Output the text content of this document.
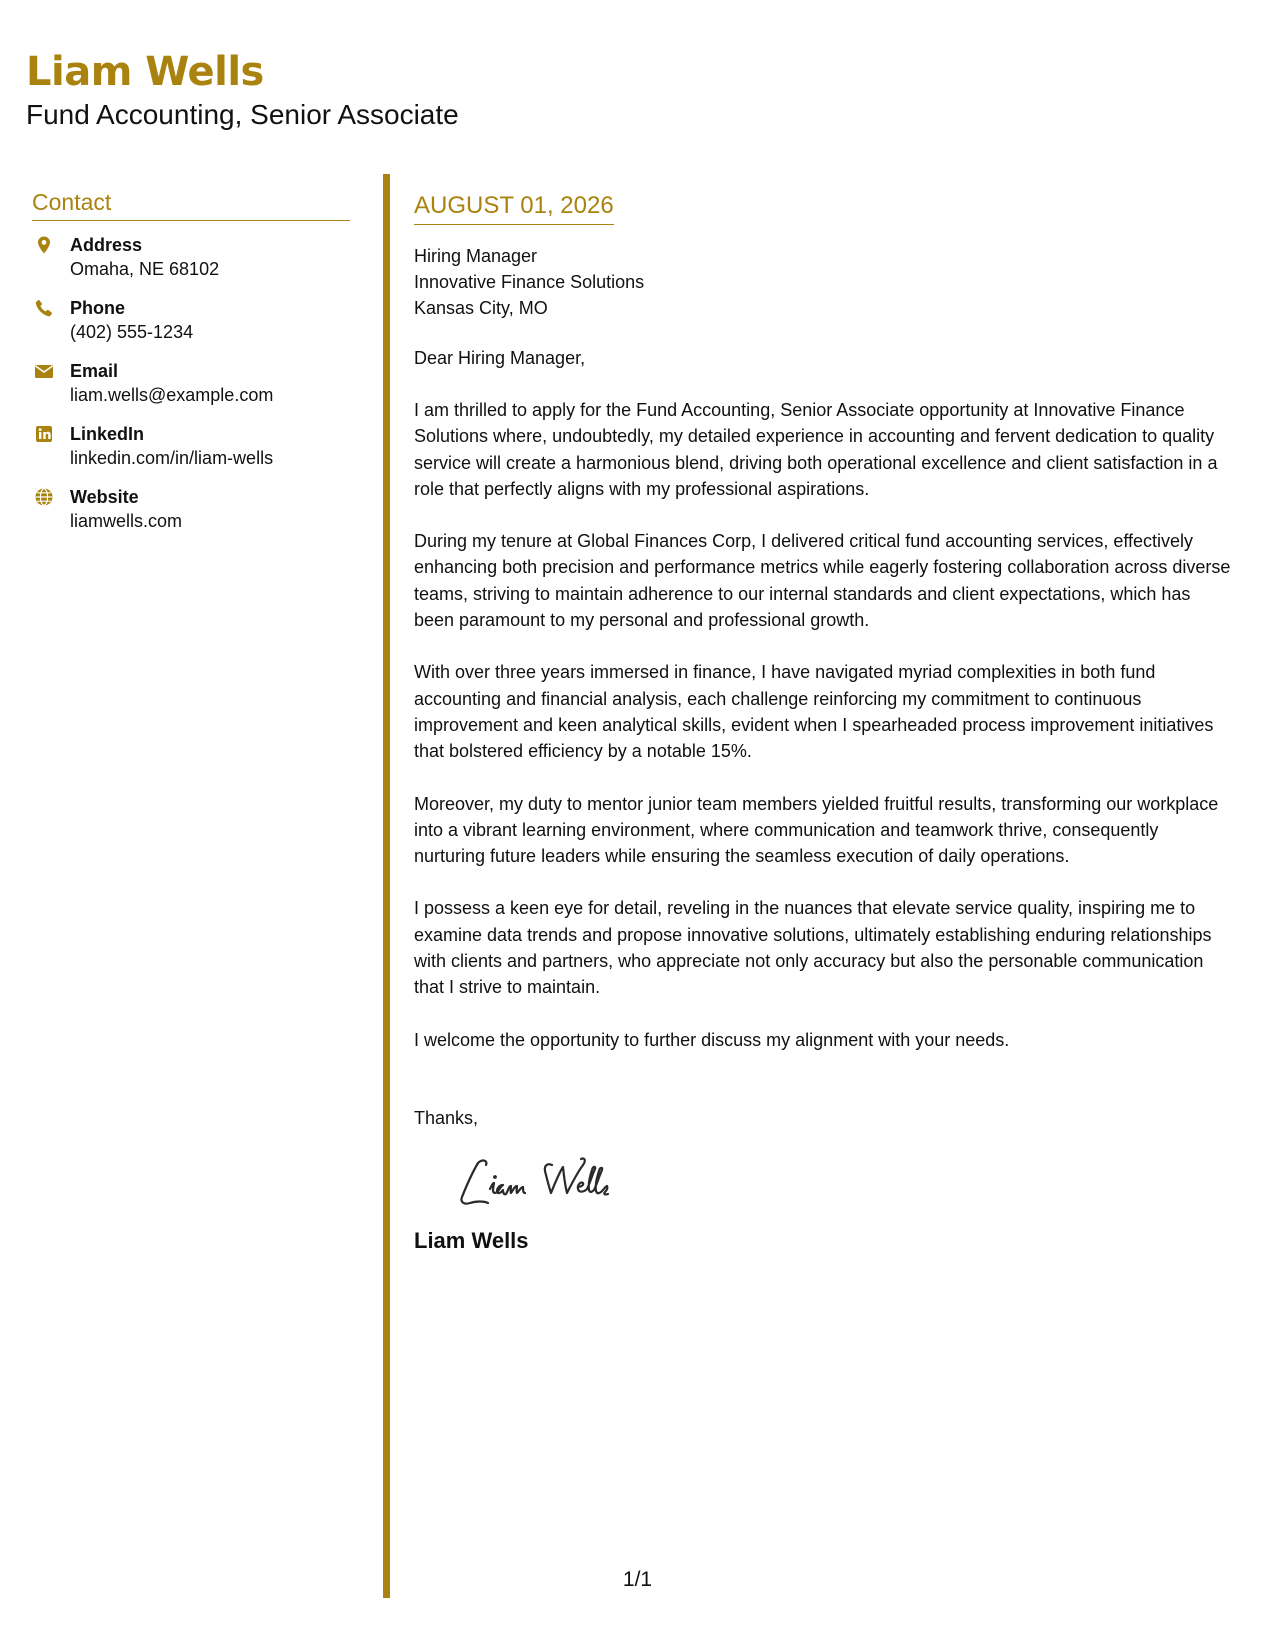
Liam Wells
Fund Accounting, Senior Associate
Contact
Address
Omaha, NE 68102
Phone
(402) 555-1234
Email
liam.wells@example.com
LinkedIn
linkedin.com/in/liam-wells
Website
liamwells.com
AUGUST 01, 2026
Hiring Manager
Innovative Finance Solutions
Kansas City, MO
Dear Hiring Manager,
I am thrilled to apply for the Fund Accounting, Senior Associate opportunity at Innovative Finance Solutions where, undoubtedly, my detailed experience in accounting and fervent dedication to quality service will create a harmonious blend, driving both operational excellence and client satisfaction in a role that perfectly aligns with my professional aspirations.
During my tenure at Global Finances Corp, I delivered critical fund accounting services, effectively enhancing both precision and performance metrics while eagerly fostering collaboration across diverse teams, striving to maintain adherence to our internal standards and client expectations, which has been paramount to my personal and professional growth.
With over three years immersed in finance, I have navigated myriad complexities in both fund accounting and financial analysis, each challenge reinforcing my commitment to continuous improvement and keen analytical skills, evident when I spearheaded process improvement initiatives that bolstered efficiency by a notable 15%.
Moreover, my duty to mentor junior team members yielded fruitful results, transforming our workplace into a vibrant learning environment, where communication and teamwork thrive, consequently nurturing future leaders while ensuring the seamless execution of daily operations.
I possess a keen eye for detail, reveling in the nuances that elevate service quality, inspiring me to examine data trends and propose innovative solutions, ultimately establishing enduring relationships with clients and partners, who appreciate not only accuracy but also the personable communication that I strive to maintain.
I welcome the opportunity to further discuss my alignment with your needs.
Thanks,
Liam Wells
1/1
